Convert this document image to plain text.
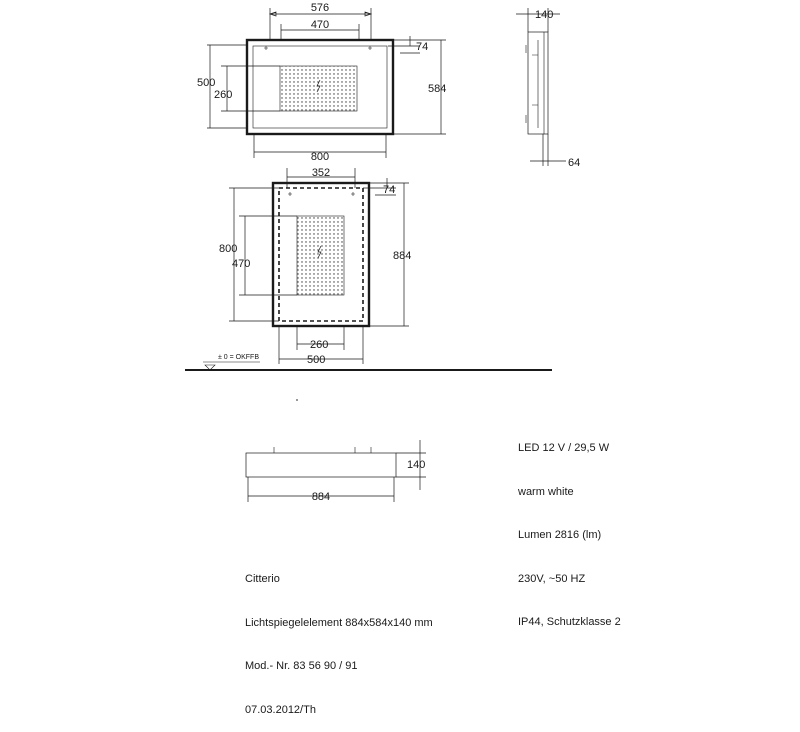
576
470
74
500
260	584
800
140
64
352
74
800
470
884
260
500
± 0 = OKFFB
140
884

LED 12 V / 29,5 W

warm white

Lumen 2816 (lm)

230V, ~50 HZ

IP44, Schutzklasse 2

Citterio

Lichtspiegelelement 884x584x140 mm

Mod.- Nr. 83 56 90 / 91

07.03.2012/Th
